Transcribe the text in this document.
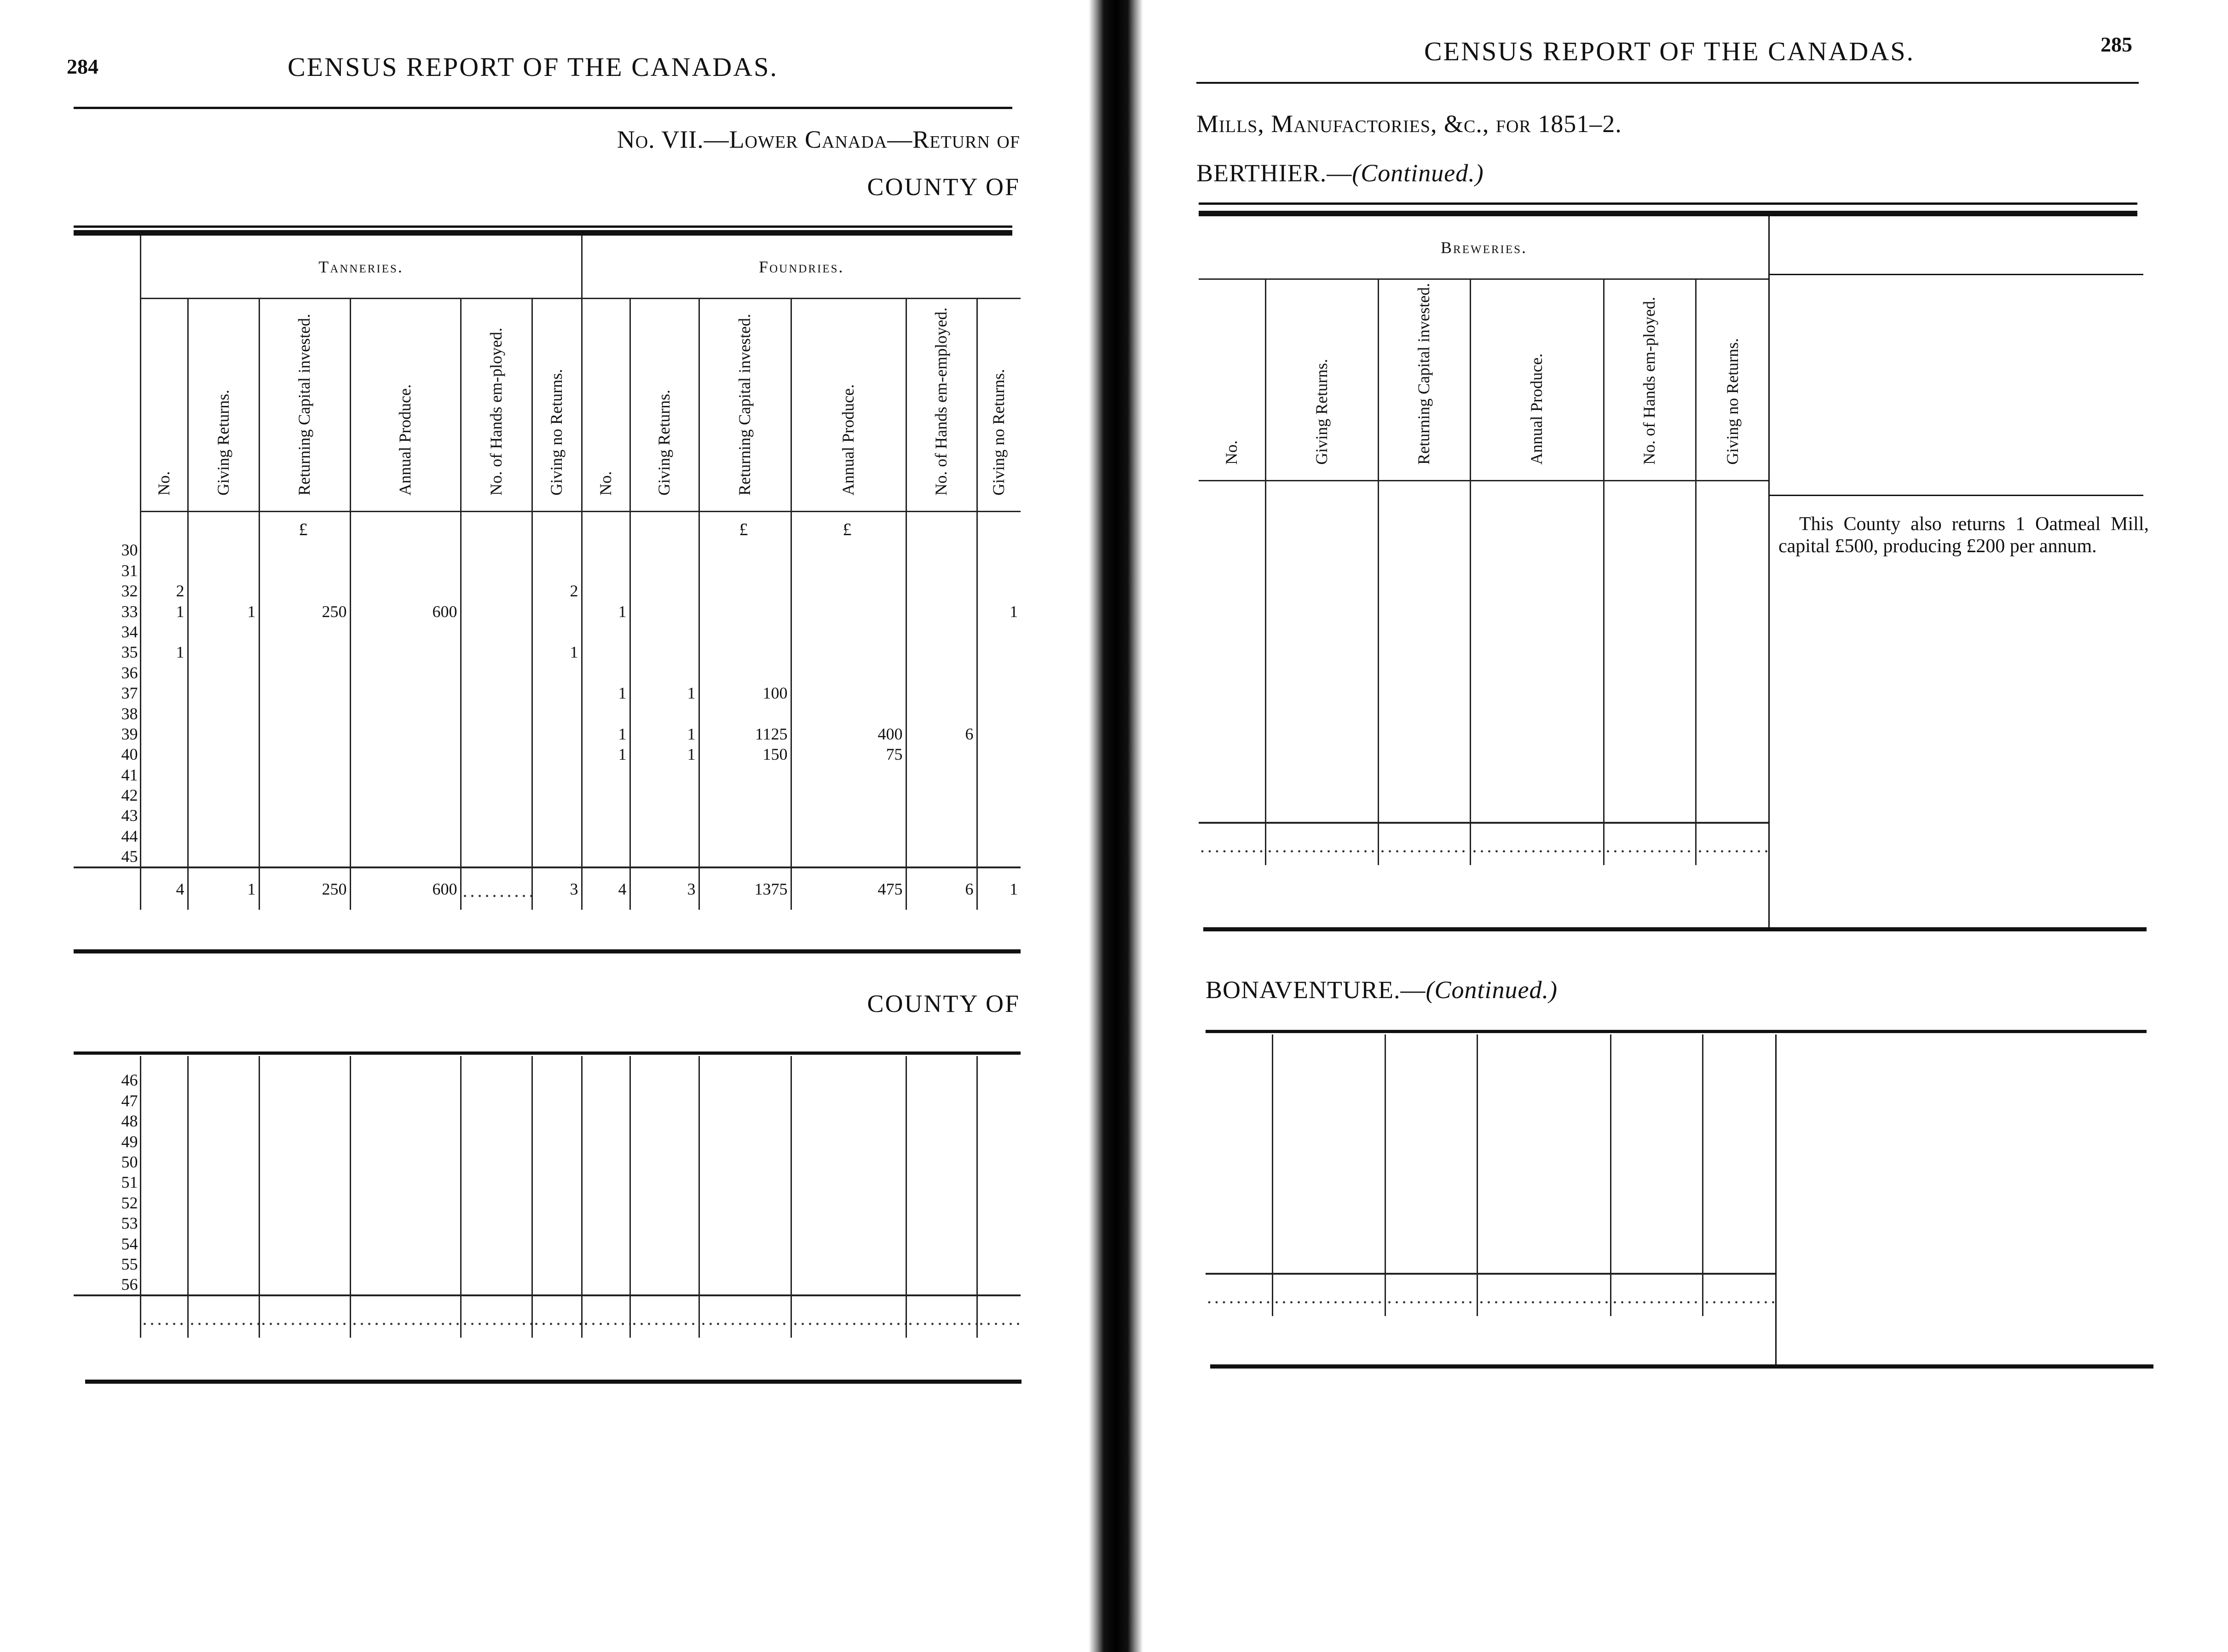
284	CENSUS REPORT OF THE CANADAS.
No. VII.—Lower Canada—Return of
COUNTY OF
	Tanneries.						Foundries.					

	No.	Giving Returns.	Returning Capital invested.	Annual Produce.	No. of Hands em-ployed.	Giving no Returns.	No.	Giving Returns.	Returning Capital invested.	Annual Produce.	No. of Hands em-employed.	Giving no Returns.

			£						£	£		
30												
31												
32	2					2						
33	1	1	250	600			1					1
34												
35	1					1						
36												
37							1	1	100			
38												
39							1	1	1125	400	6	
40							1	1	150	75		
41												
42												
43												
44												
45												
	4	1	250	600		3	4	3	1375	475	6	1
COUNTY OF

46												
47												
48												
49												
50												
51												
52												
53												
54												
55												
56												

CENSUS REPORT OF THE CANADAS.	285
Mills, Manufactories, &c., for 1851–2.
BERTHIER.—(Continued.)
Breweries.					

No.	Giving Returns.	Returning Capital invested.	Annual Produce.	No. of Hands em-ployed.	Giving no Returns.

This County also returns 1 Oatmeal Mill, capital £500, producing £200 per annum.
BONAVENTURE.—(Continued.)
